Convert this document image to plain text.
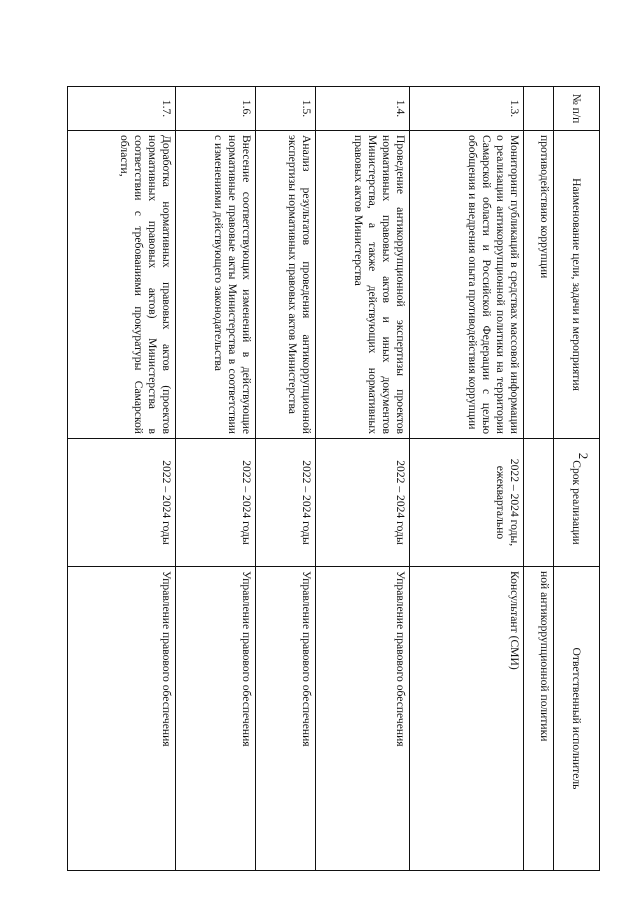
2
№ п/п	Наименование цели, задачи и мероприятия	Срок реализации	Ответственный исполнитель
	противодействию коррупции		ной антикоррупционной политики
1.3.	Мониторинг публикаций в средствах массовой информации о реализации антикоррупционной политики на территории Самарской области и Российской Федерации с целью обобщения и внедрения опыта противодействия коррупции	2022 – 2024 годы, ежеквартально	Консультант (СМИ)
1.4.	Проведение антикоррупционной экспертизы проектов нормативных правовых актов и иных документов Министерства, а также действующих нормативных правовых актов Министерства	2022 – 2024 годы	Управление правового обеспечения
1.5.	Анализ результатов проведения антикоррупционной экспертизы нормативных правовых актов Министерства	2022 – 2024 годы	Управление правового обеспечения
1.6.	Внесение соответствующих изменений в действующие нормативные правовые акты Министерства в соответствии с изменениями действующего законодательства	2022 – 2024 годы	Управление правового обеспечения
1.7.	Доработка нормативных правовых актов (проектов нормативных правовых актов) Министерства в соответствии с требованиями прокуратуры Самарской области,	2022 – 2024 годы	Управление правового обеспечения
